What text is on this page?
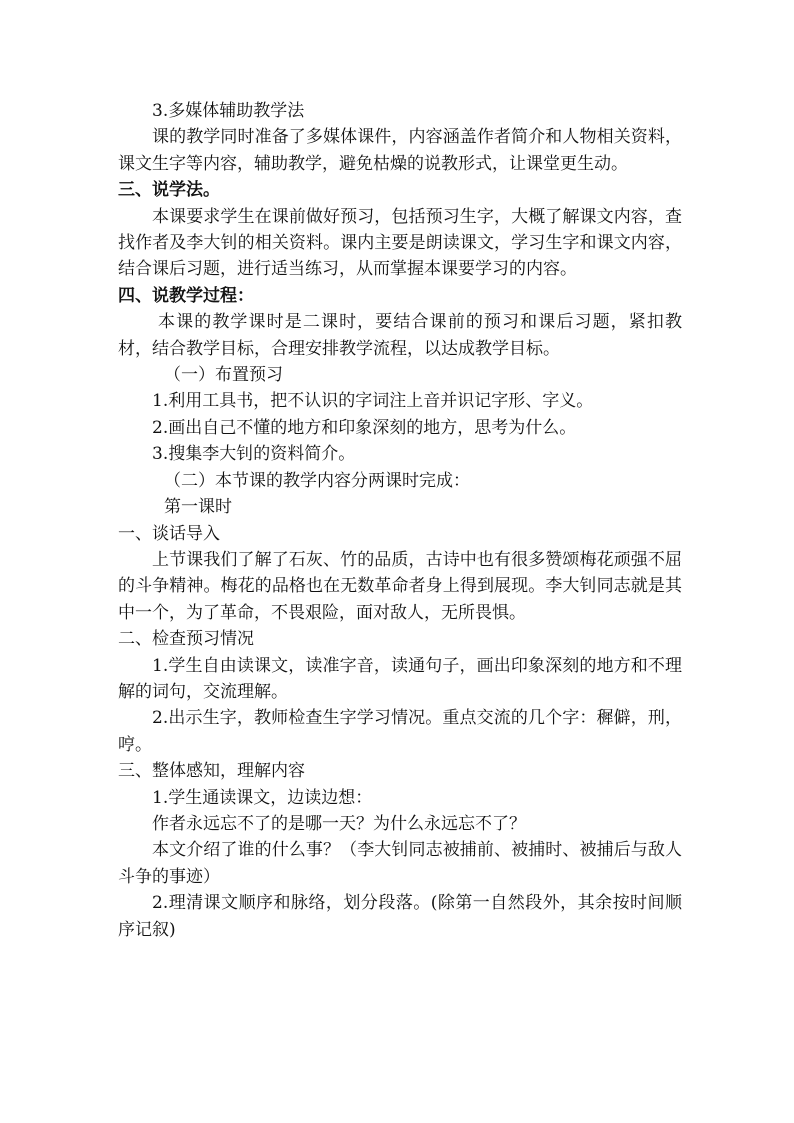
3.多媒体辅助教学法

课的教学同时准备了多媒体课件，内容涵盖作者简介和人物相关资料，课文生字等内容，辅助教学，避免枯燥的说教形式，让课堂更生动。

三、说学法。

本课要求学生在课前做好预习，包括预习生字，大概了解课文内容，查找作者及李大钊的相关资料。课内主要是朗读课文，学习生字和课文内容，结合课后习题，进行适当练习，从而掌握本课要学习的内容。

四、说教学过程：

本课的教学课时是二课时，要结合课前的预习和课后习题，紧扣教材，结合教学目标，合理安排教学流程，以达成教学目标。

（一）布置预习

1.利用工具书，把不认识的字词注上音并识记字形、字义。

2.画出自己不懂的地方和印象深刻的地方，思考为什么。

3.搜集李大钊的资料简介。

（二）本节课的教学内容分两课时完成：

第一课时

一、谈话导入

上节课我们了解了石灰、竹的品质，古诗中也有很多赞颂梅花顽强不屈的斗争精神。梅花的品格也在无数革命者身上得到展现。李大钊同志就是其中一个，为了革命，不畏艰险，面对敌人，无所畏惧。

二、检查预习情况

1.学生自由读课文，读准字音，读通句子，画出印象深刻的地方和不理解的词句，交流理解。

2.出示生字，教师检查生字学习情况。重点交流的几个字：穉僻，刑，哼。

三、整体感知，理解内容

1.学生通读课文，边读边想：

作者永远忘不了的是哪一天？为什么永远忘不了？

本文介绍了谁的什么事？（李大钊同志被捕前、被捕时、被捕后与敌人斗争的事迹）

2.理清课文顺序和脉络，划分段落。(除第一自然段外，其余按时间顺序记叙)
